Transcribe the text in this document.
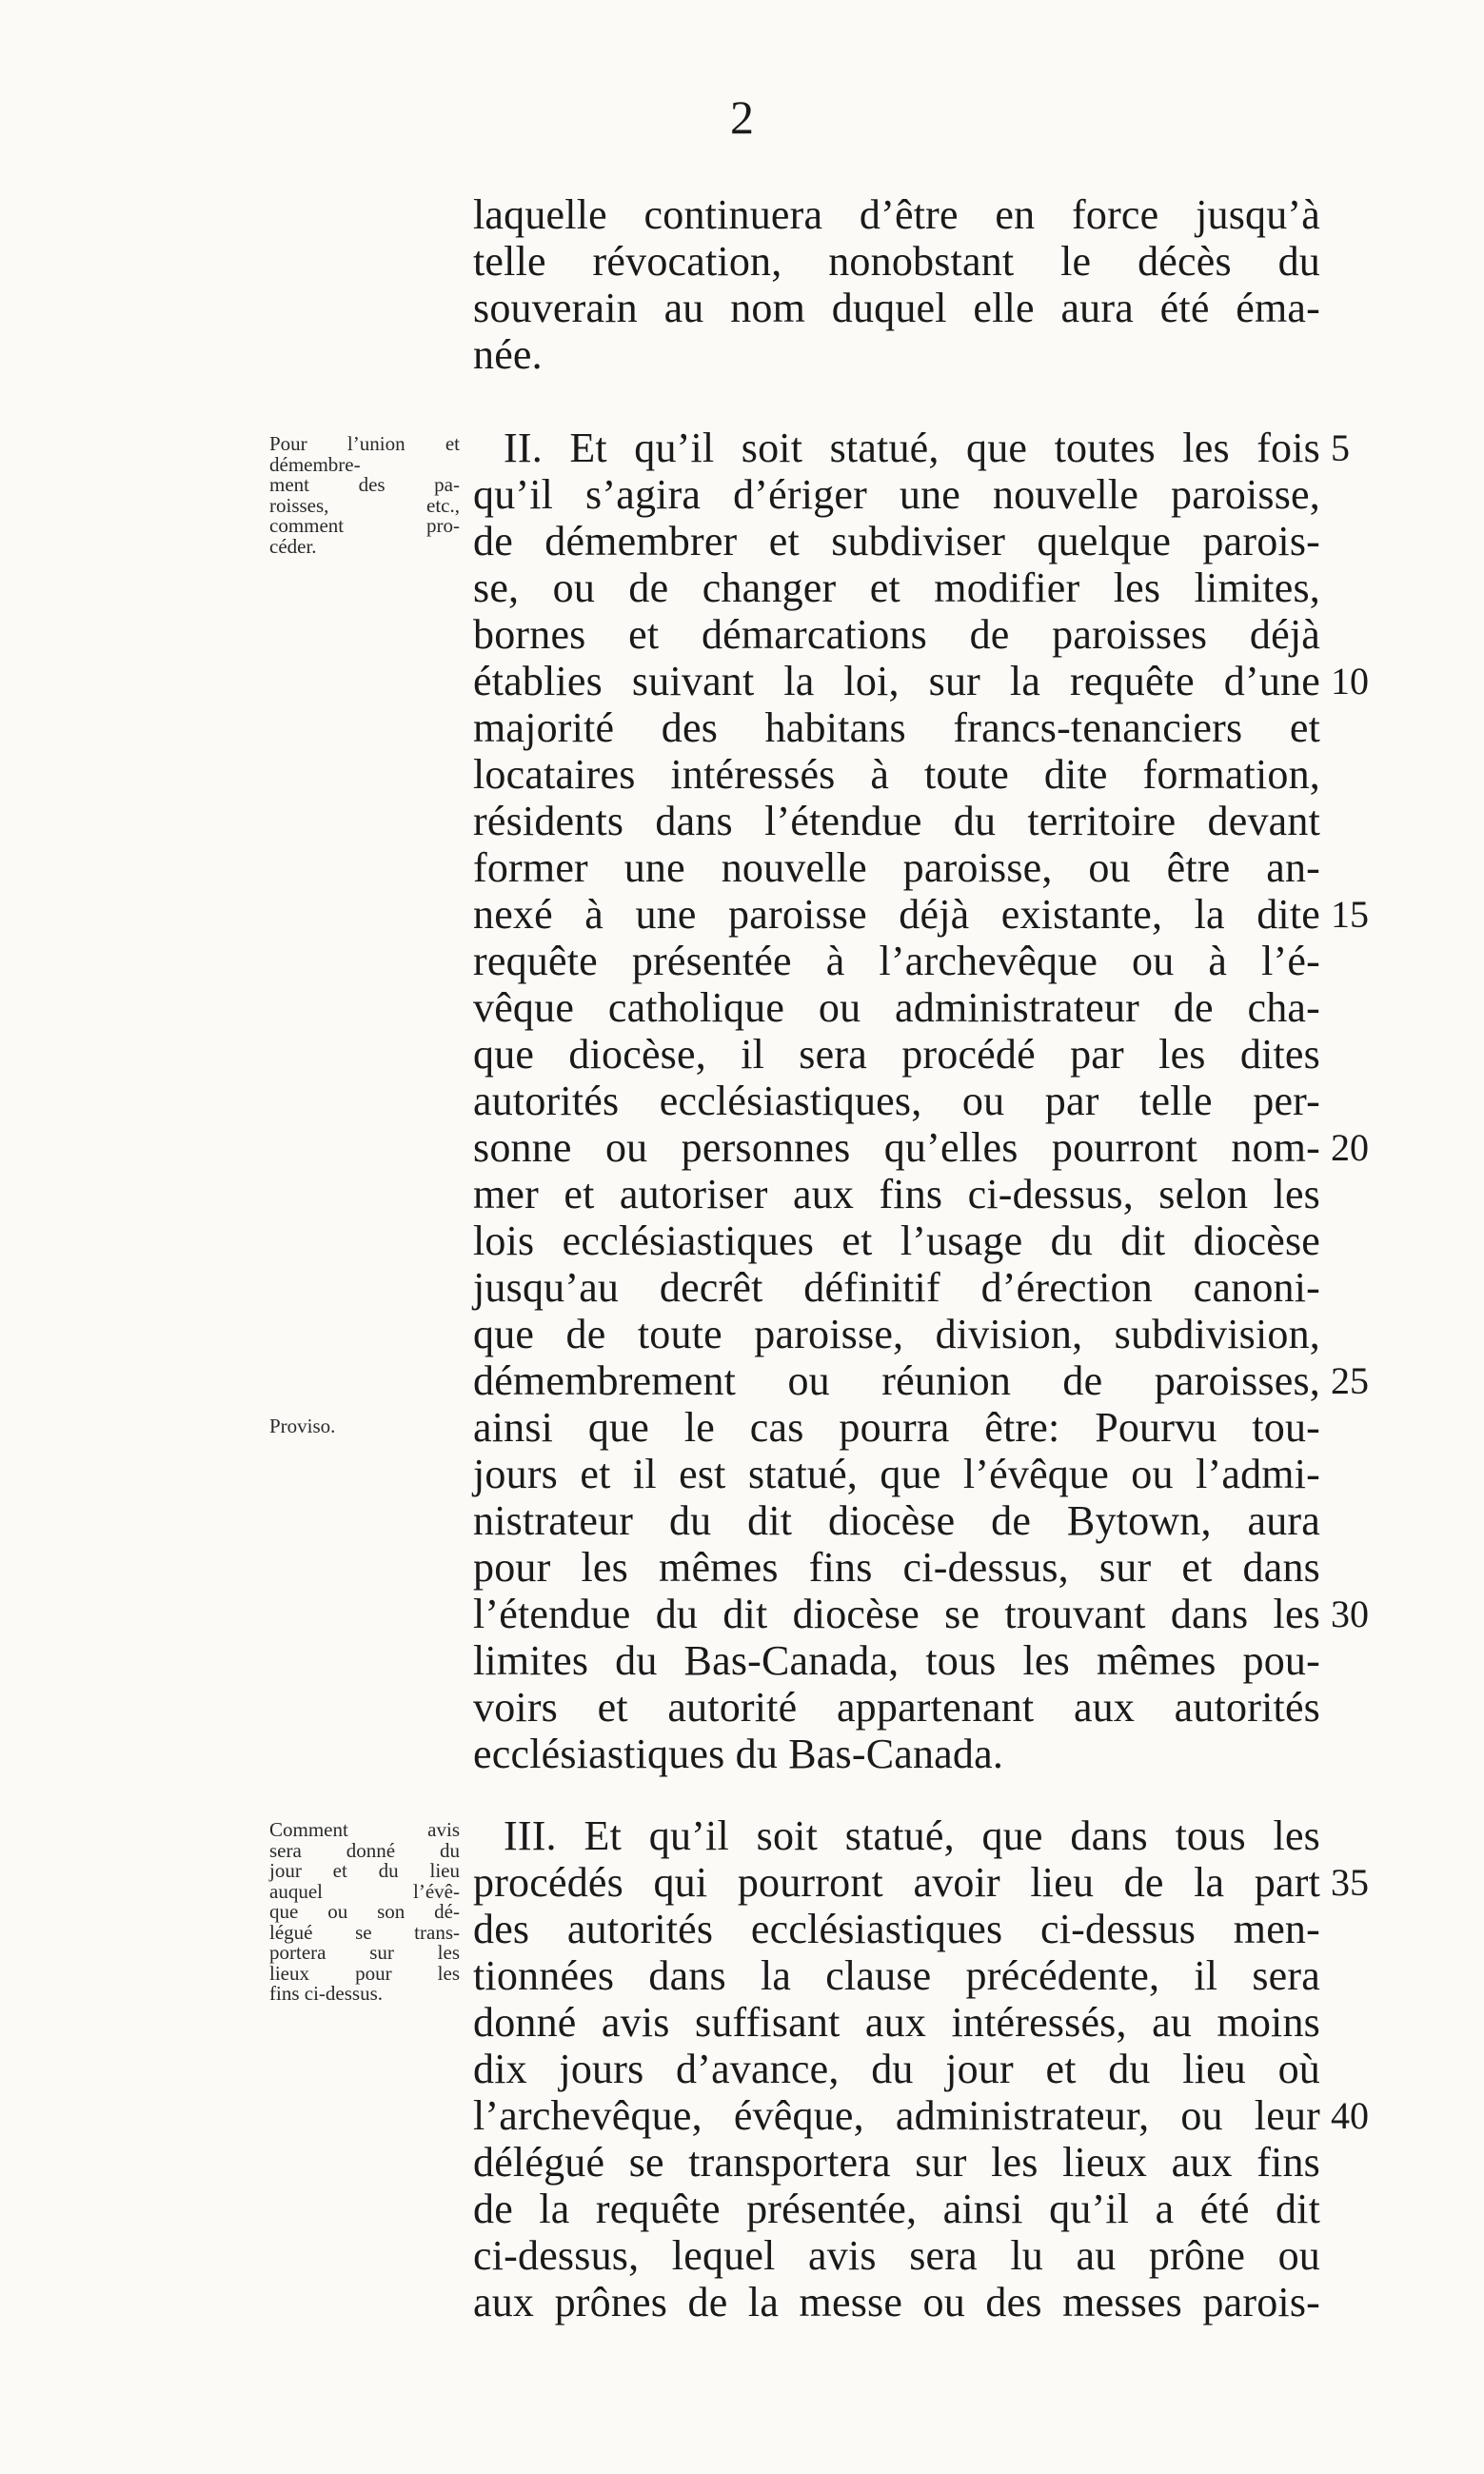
2
laquelle continuera d’être en force jusqu’à
telle révocation, nonobstant le décès du
souverain au nom duquel elle aura été éma-
née.
II. Et qu’il soit statué, que toutes les fois
qu’il s’agira d’ériger une nouvelle paroisse,
de démembrer et subdiviser quelque parois-
se, ou de changer et modifier les limites,
bornes et démarcations de paroisses déjà
établies suivant la loi, sur la requête d’une
majorité des habitans francs-tenanciers et
locataires intéressés à toute dite formation,
résidents dans l’étendue du territoire devant
former une nouvelle paroisse, ou être an-
nexé à une paroisse déjà existante, la dite
requête présentée à l’archevêque ou à l’é-
vêque catholique ou administrateur de cha-
que diocèse, il sera procédé par les dites
autorités ecclésiastiques, ou par telle per-
sonne ou personnes qu’elles pourront nom-
mer et autoriser aux fins ci-dessus, selon les
lois ecclésiastiques et l’usage du dit diocèse
jusqu’au decrêt définitif d’érection canoni-
que de toute paroisse, division, subdivision,
démembrement ou réunion de paroisses,
ainsi que le cas pourra être: Pourvu tou-
jours et il est statué, que l’évêque ou l’admi-
nistrateur du dit diocèse de Bytown, aura
pour les mêmes fins ci-dessus, sur et dans
l’étendue du dit diocèse se trouvant dans les
limites du Bas-Canada, tous les mêmes pou-
voirs et autorité appartenant aux autorités
ecclésiastiques du Bas-Canada.
5
10
15
20
25
30
III. Et qu’il soit statué, que dans tous les
procédés qui pourront avoir lieu de la part
des autorités ecclésiastiques ci-dessus men-
tionnées dans la clause précédente, il sera
donné avis suffisant aux intéressés, au moins
dix jours d’avance, du jour et du lieu où
l’archevêque, évêque, administrateur, ou leur
délégué se transportera sur les lieux aux fins
de la requête présentée, ainsi qu’il a été dit
ci-dessus, lequel avis sera lu au prône ou
aux prônes de la messe ou des messes parois-
35
40
Pour l’union et
démembre-
ment des pa-
roisses, etc.,
comment pro-
céder.
Proviso.
Comment avis
sera donné du
jour et du lieu
auquel l’évê-
que ou son dé-
légué se trans-
portera sur les
lieux pour les
fins ci-dessus.
